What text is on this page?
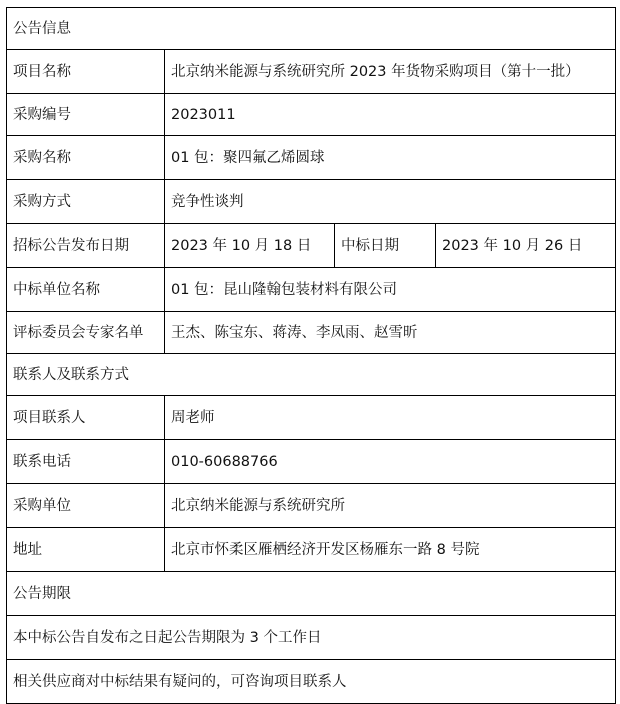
公告信息			
项目名称	北京纳米能源与系统研究所 2023 年货物采购项目（第十一批）		
采购编号	2023011		
采购名称	01 包：聚四氟乙烯圆球		
采购方式	竞争性谈判		
招标公告发布日期	2023 年 10 月 18 日	中标日期	2023 年 10 月 26 日
中标单位名称	01 包：昆山隆翰包装材料有限公司		
评标委员会专家名单	王杰、陈宝东、蒋涛、李凤雨、赵雪昕		
联系人及联系方式			
项目联系人	周老师		
联系电话	010-60688766		
采购单位	北京纳米能源与系统研究所		
地址	北京市怀柔区雁栖经济开发区杨雁东一路 8 号院		
公告期限			
本中标公告自发布之日起公告期限为 3 个工作日			
相关供应商对中标结果有疑问的，可咨询项目联系人			
